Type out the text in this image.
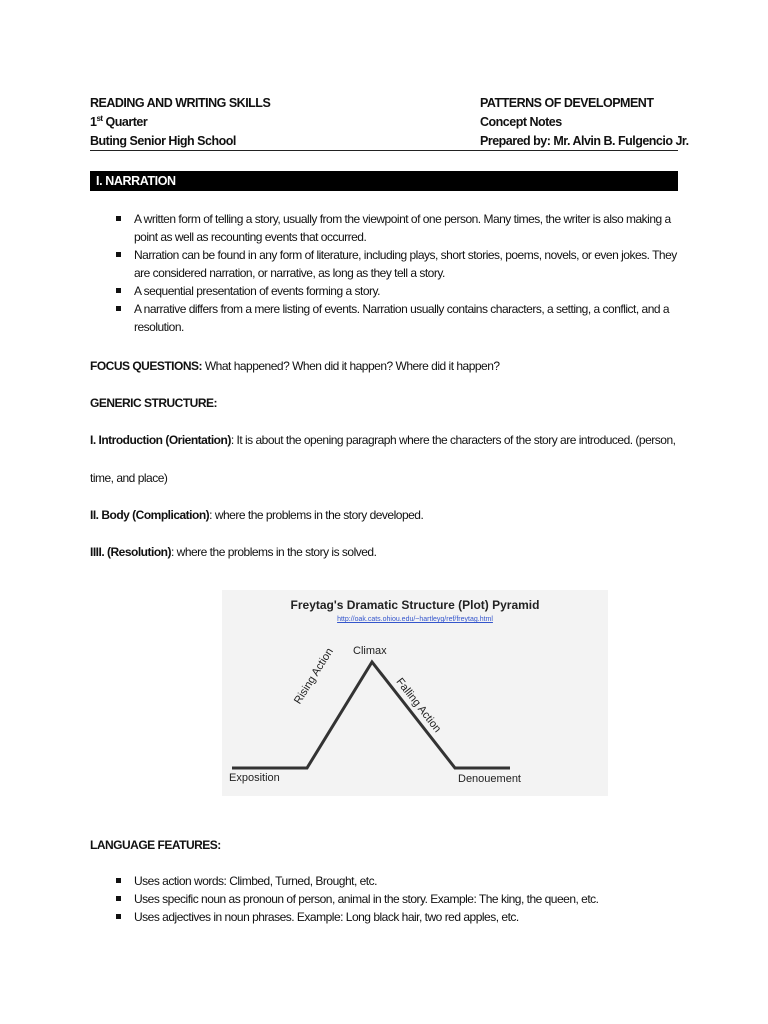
READING AND WRITING SKILLS
1st Quarter
Buting Senior High School
PATTERNS OF DEVELOPMENT
Concept Notes
Prepared by: Mr. Alvin B. Fulgencio Jr.
I. NARRATION
A written form of telling a story, usually from the viewpoint of one person. Many times, the writer is also making a point as well as recounting events that occurred.
Narration can be found in any form of literature, including plays, short stories, poems, novels, or even jokes. They are considered narration, or narrative, as long as they tell a story.
A sequential presentation of events forming a story.
A narrative differs from a mere listing of events. Narration usually contains characters, a setting, a conflict, and a resolution.
FOCUS QUESTIONS: What happened? When did it happen? Where did it happen?
GENERIC STRUCTURE:
I. Introduction (Orientation): It is about the opening paragraph where the characters of the story are introduced. (person,
time, and place)
II. Body (Complication): where the problems in the story developed.
IIII. (Resolution): where the problems in the story is solved.
Freytag's Dramatic Structure (Plot) Pyramid
http://oak.cats.ohiou.edu/~hartleyg/ref/freytag.html
Climax
Rising Action	Falling Action
Exposition	Denouement
LANGUAGE FEATURES:
Uses action words: Climbed, Turned, Brought, etc.
Uses specific noun as pronoun of person, animal in the story. Example: The king, the queen, etc.
Uses adjectives in noun phrases. Example: Long black hair, two red apples, etc.
